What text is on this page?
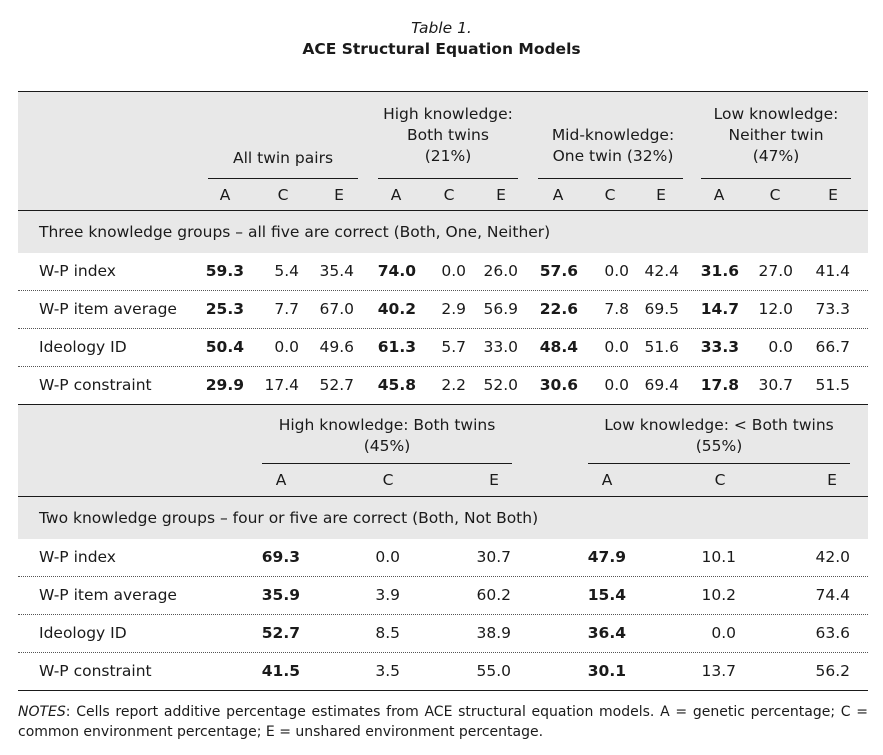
Table 1.
ACE Structural Equation Models
All twin pairs
High knowledge:
Both twins
(21%)
Mid-knowledge:
One twin (32%)
Low knowledge:
Neither twin
(47%)
A	C	E	A	C	E	A	C	E	A	C	E
Three knowledge groups – all five are correct (Both, One, Neither)
W-P index	59.3 5.4 35.4 74.0 0.0 26.0 57.6 0.0 42.4 31.6 27.0 41.4
W-P item average 25.3 7.7 67.0 40.2 2.9 56.9 22.6 7.8 69.5 14.7 12.0 73.3
Ideology ID	50.4 0.0 49.6 61.3 5.7 33.0 48.4 0.0 51.6 33.3 0.0 66.7
W-P constraint	29.9 17.4 52.7 45.8 2.2 52.0 30.6 0.0 69.4 17.8 30.7 51.5
High knowledge: Both twins
(45%)
Low knowledge: < Both twins
(55%)
A	C	E	A	C	E
Two knowledge groups – four or five are correct (Both, Not Both)
W-P index	69.3	0.0	30.7	47.9	10.1	42.0
W-P item average	35.9	3.9	60.2	15.4	10.2	74.4
Ideology ID	52.7	8.5	38.9	36.4	0.0	63.6
W-P constraint	41.5	3.5	55.0	30.1	13.7	56.2
NOTES: Cells report additive percentage estimates from ACE structural equation models. A = genetic percentage; C = common environment percentage; E = unshared environment percentage.
